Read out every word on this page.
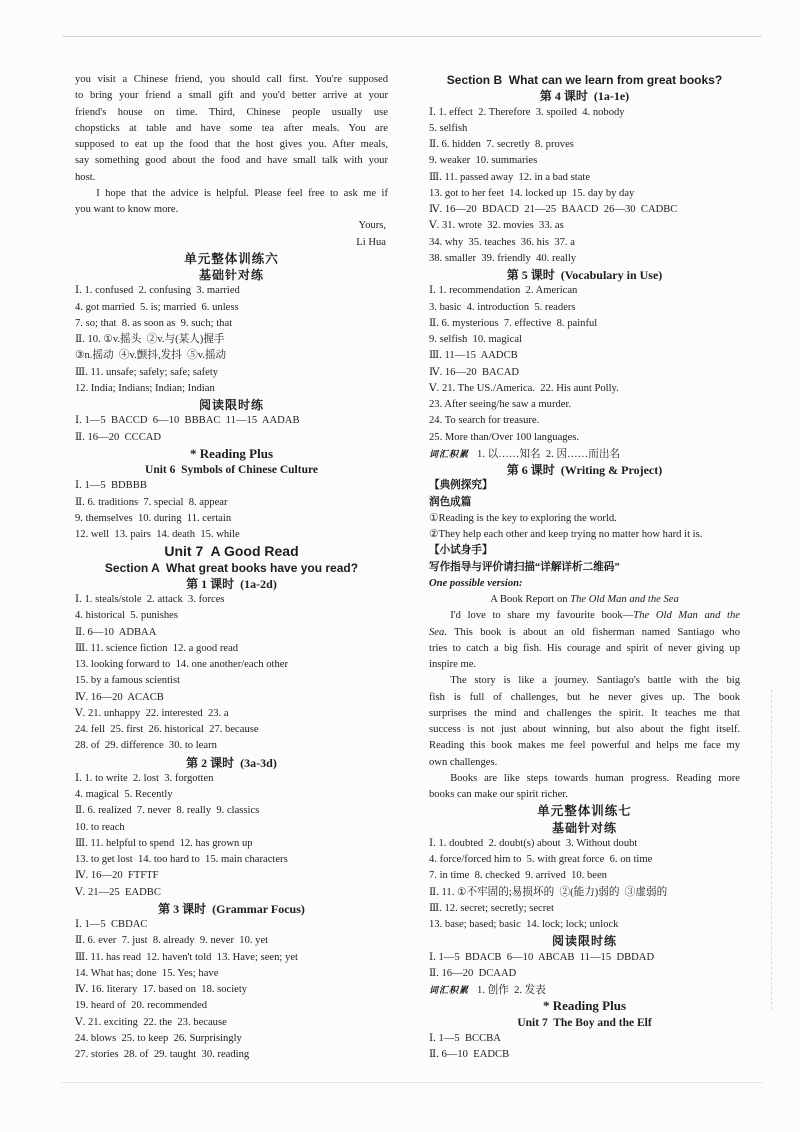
you visit a Chinese friend, you should call first. You're supposed
to bring your friend a small gift and you'd better arrive at your
friend's house on time. Third, Chinese people usually use
chopsticks at table and have some tea after meals. You are
supposed to eat up the food that the host gives you. After meals,
say something good about the food and have small talk with your
host.
I hope that the advice is helpful. Please feel free to ask me if
you want to know more.
Yours,
Li Hua
单元整体训练六
基础针对练
Ⅰ. 1. confused  2. confusing  3. married
4. got married  5. is; married  6. unless
7. so; that  8. as soon as  9. such; that
Ⅱ. 10. ①v.摇头  ②v.与(某人)握手
③n.摇动  ④v.颤抖,发抖  ⑤v.摇动
Ⅲ. 11. unsafe; safely; safe; safety
12. India; Indians; Indian; Indian
阅读限时练
Ⅰ. 1—5  BACCD  6—10  BBBAC  11—15  AADAB
Ⅱ. 16—20  CCCAD
* Reading Plus
Unit 6  Symbols of Chinese Culture
Ⅰ. 1—5  BDBBB
Ⅱ. 6. traditions  7. special  8. appear
9. themselves  10. during  11. certain
12. well  13. pairs  14. death  15. while
Unit 7  A Good Read
Section A  What great books have you read?
第 1 课时  (1a-2d)
Ⅰ. 1. steals/stole  2. attack  3. forces
4. historical  5. punishes
Ⅱ. 6—10  ADBAA
Ⅲ. 11. science fiction  12. a good read
13. looking forward to  14. one another/each other
15. by a famous scientist
Ⅳ. 16—20  ACACB
Ⅴ. 21. unhappy  22. interested  23. a
24. fell  25. first  26. historical  27. because
28. of  29. difference  30. to learn
第 2 课时  (3a-3d)
Ⅰ. 1. to write  2. lost  3. forgotten
4. magical  5. Recently
Ⅱ. 6. realized  7. never  8. really  9. classics
10. to reach
Ⅲ. 11. helpful to spend  12. has grown up
13. to get lost  14. too hard to  15. main characters
Ⅳ. 16—20  FTFTF
Ⅴ. 21—25  EADBC
第 3 课时  (Grammar Focus)
Ⅰ. 1—5  CBDAC
Ⅱ. 6. ever  7. just  8. already  9. never  10. yet
Ⅲ. 11. has read  12. haven't told  13. Have; seen; yet
14. What has; done  15. Yes; have
Ⅳ. 16. literary  17. based on  18. society
19. heard of  20. recommended
Ⅴ. 21. exciting  22. the  23. because
24. blows  25. to keep  26. Surprisingly
27. stories  28. of  29. taught  30. reading
Section B  What can we learn from great books?
第 4 课时  (1a-1e)
Ⅰ. 1. effect  2. Therefore  3. spoiled  4. nobody
5. selfish
Ⅱ. 6. hidden  7. secretly  8. proves
9. weaker  10. summaries
Ⅲ. 11. passed away  12. in a bad state
13. got to her feet  14. locked up  15. day by day
Ⅳ. 16—20  BDACD  21—25  BAACD  26—30  CADBC
Ⅴ. 31. wrote  32. movies  33. as
34. why  35. teaches  36. his  37. a
38. smaller  39. friendly  40. really
第 5 课时  (Vocabulary in Use)
Ⅰ. 1. recommendation  2. American
3. basic  4. introduction  5. readers
Ⅱ. 6. mysterious  7. effective  8. painful
9. selfish  10. magical
Ⅲ. 11—15  AADCB
Ⅳ. 16—20  BACAD
Ⅴ. 21. The US./America.  22. His aunt Polly.
23. After seeing/he saw a murder.
24. To search for treasure.
25. More than/Over 100 languages.
词汇积累 1. 以……知名  2. 因……而出名
第 6 课时  (Writing & Project)
【典例探究】
润色成篇
①Reading is the key to exploring the world.
②They help each other and keep trying no matter how hard it is.
【小试身手】
写作指导与评价请扫描“详解详析二维码”
One possible version:
A Book Report on The Old Man and the Sea
I'd love to share my favourite book—The Old Man and the
Sea. This book is about an old fisherman named Santiago who
tries to catch a big fish. His courage and spirit of never giving up
inspire me.
The story is like a journey. Santiago's battle with the big
fish is full of challenges, but he never gives up. The book
surprises the mind and challenges the spirit. It teaches me that
success is not just about winning, but also about the fight itself.
Reading this book makes me feel powerful and helps me face my
own challenges.
Books are like steps towards human progress. Reading more
books can make our spirit richer.
单元整体训练七
基础针对练
Ⅰ. 1. doubted  2. doubt(s) about  3. Without doubt
4. force/forced him to  5. with great force  6. on time
7. in time  8. checked  9. arrived  10. been
Ⅱ. 11. ①不牢固的;易损坏的  ②(能力)弱的  ③虚弱的
Ⅲ. 12. secret; secretly; secret
13. base; based; basic  14. lock; lock; unlock
阅读限时练
Ⅰ. 1—5  BDACB  6—10  ABCAB  11—15  DBDAD
Ⅱ. 16—20  DCAAD
词汇积累 1. 创作  2. 发表
* Reading Plus
Unit 7  The Boy and the Elf
Ⅰ. 1—5  BCCBA
Ⅱ. 6—10  EADCB
